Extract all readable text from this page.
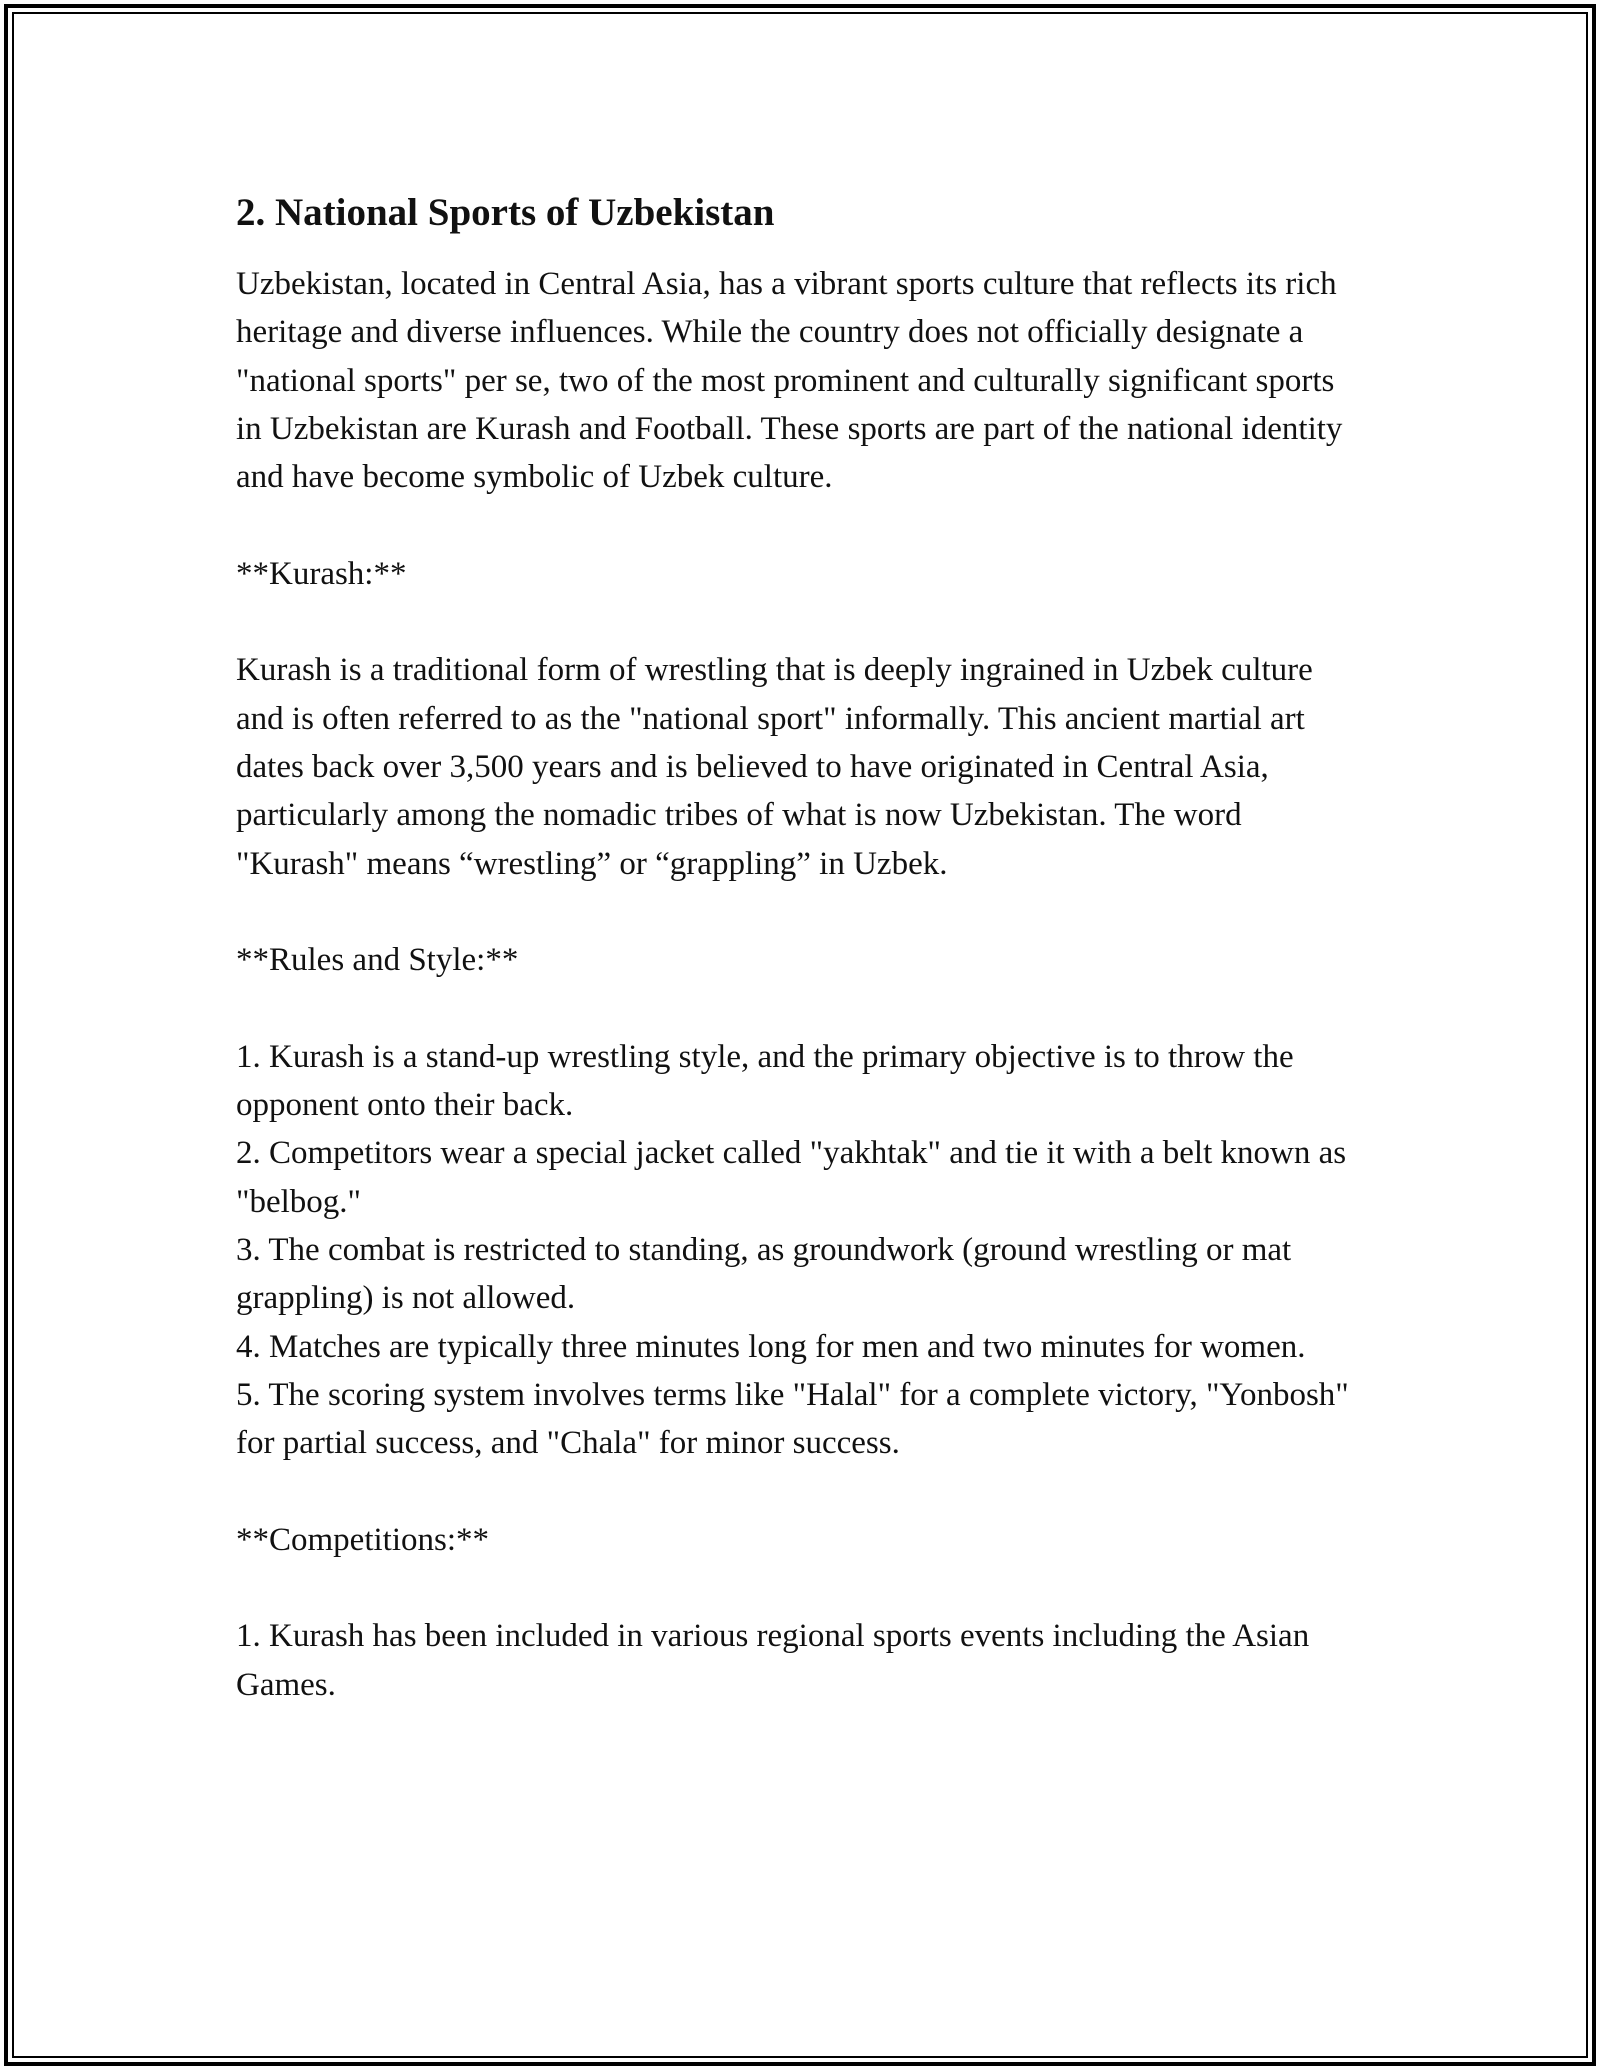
2. National Sports of Uzbekistan

Uzbekistan, located in Central Asia, has a vibrant sports culture that reflects its rich heritage and diverse influences. While the country does not officially designate a "national sports" per se, two of the most prominent and culturally significant sports in Uzbekistan are Kurash and Football. These sports are part of the national identity and have become symbolic of Uzbek culture.

**Kurash:**

Kurash is a traditional form of wrestling that is deeply ingrained in Uzbek culture and is often referred to as the "national sport" informally. This ancient martial art dates back over 3,500 years and is believed to have originated in Central Asia, particularly among the nomadic tribes of what is now Uzbekistan. The word "Kurash" means “wrestling” or “grappling” in Uzbek.

**Rules and Style:**

1. Kurash is a stand-up wrestling style, and the primary objective is to throw the opponent onto their back.

2. Competitors wear a special jacket called "yakhtak" and tie it with a belt known as "belbog."

3. The combat is restricted to standing, as groundwork (ground wrestling or mat grappling) is not allowed.

4. Matches are typically three minutes long for men and two minutes for women.

5. The scoring system involves terms like "Halal" for a complete victory, "Yonbosh" for partial success, and "Chala" for minor success.

**Competitions:**

1. Kurash has been included in various regional sports events including the Asian Games.
